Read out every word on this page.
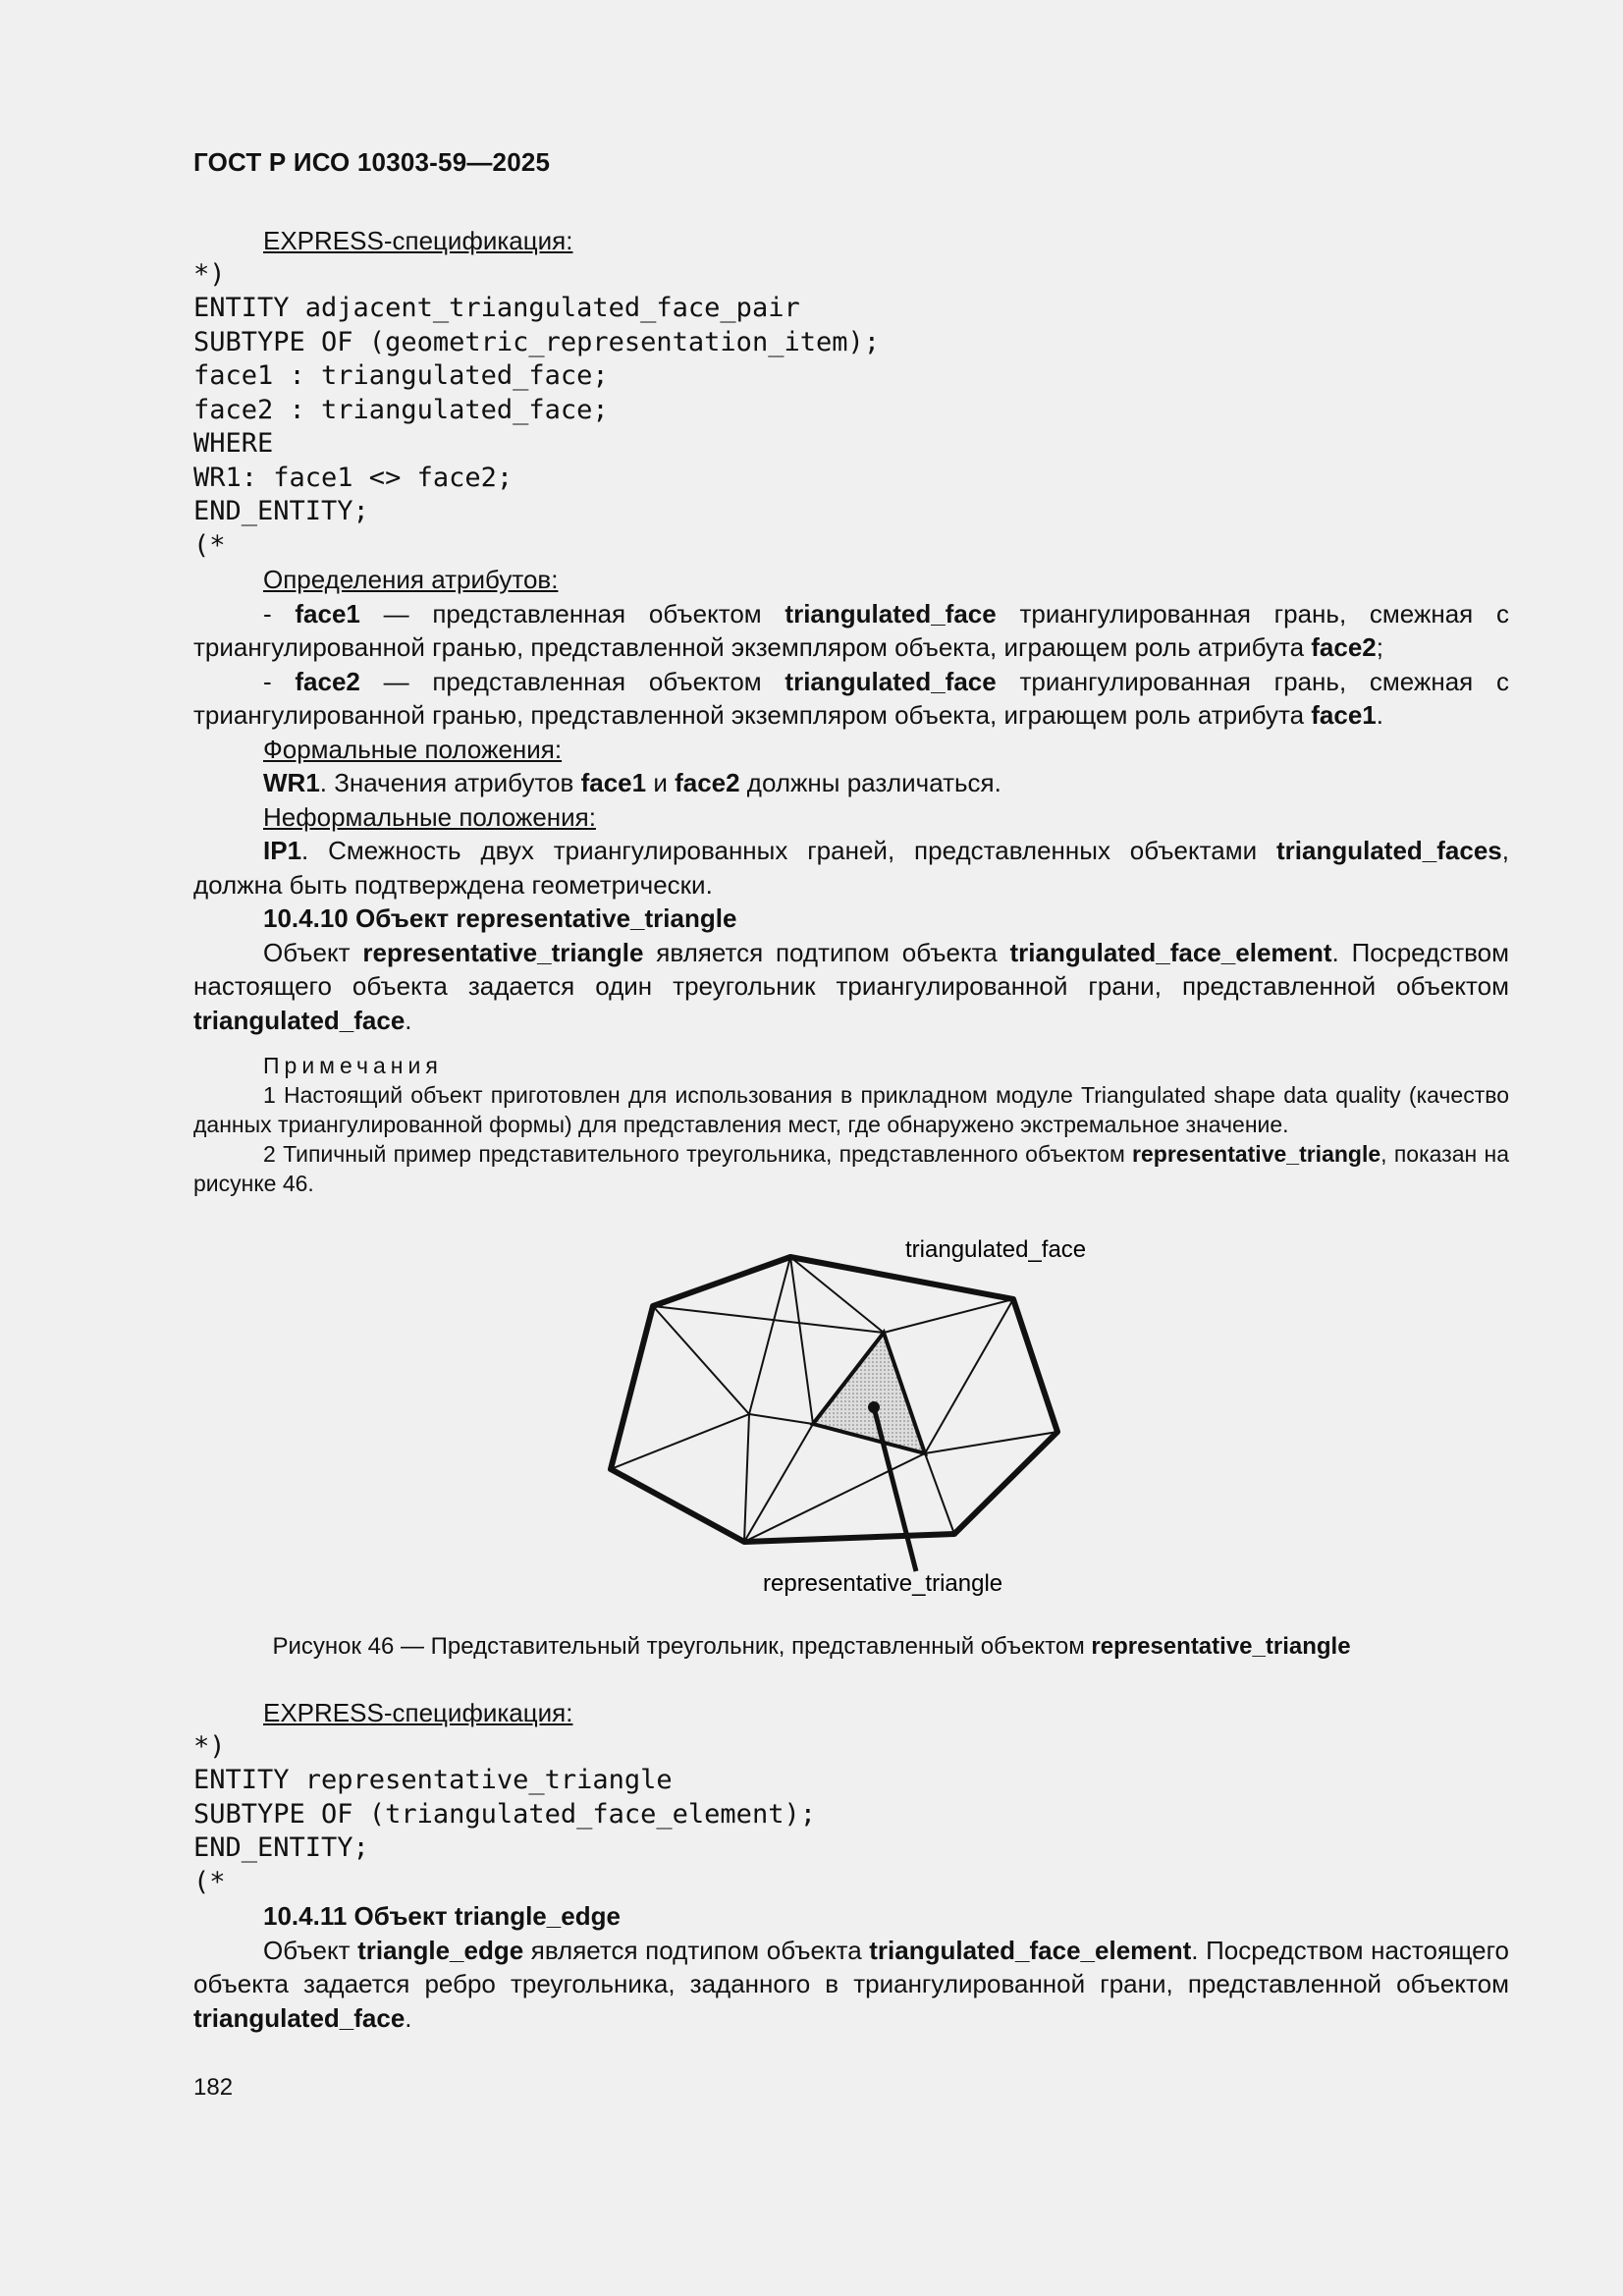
ГОСТ Р ИСО 10303-59—2025

EXPRESS-спецификация:

*)
ENTITY adjacent_triangulated_face_pair
SUBTYPE OF (geometric_representation_item);
face1 : triangulated_face;
face2 : triangulated_face;
WHERE
WR1: face1 <> face2;
END_ENTITY;
(*

Определения атрибутов:

- face1 — представленная объектом triangulated_face триангулированная грань, смежная с триангулированной гранью, представленной экземпляром объекта, играющем роль атрибута face2;

- face2 — представленная объектом triangulated_face триангулированная грань, смежная с триангулированной гранью, представленной экземпляром объекта, играющем роль атрибута face1.

Формальные положения:

WR1. Значения атрибутов face1 и face2 должны различаться.

Неформальные положения:

IP1. Смежность двух триангулированных граней, представленных объектами triangulated_faces, должна быть подтверждена геометрически.

10.4.10 Объект representative_triangle

Объект representative_triangle является подтипом объекта triangulated_face_element. Посредством настоящего объекта задается один треугольник триангулированной грани, представленной объектом triangulated_face.

Примечания

1 Настоящий объект приготовлен для использования в прикладном модуле Triangulated shape data quality (качество данных триангулированной формы) для представления мест, где обнаружено экстремальное значение.

2 Типичный пример представительного треугольника, представленного объектом representative_triangle, показан на рисунке 46.

triangulated_face
representative_triangle
Рисунок 46 — Представительный треугольник, представленный объектом representative_triangle

EXPRESS-спецификация:

*)
ENTITY representative_triangle
SUBTYPE OF (triangulated_face_element);
END_ENTITY;
(*

10.4.11 Объект triangle_edge

Объект triangle_edge является подтипом объекта triangulated_face_element. Посредством настоящего объекта задается ребро треугольника, заданного в триангулированной грани, представленной объектом triangulated_face.

182
